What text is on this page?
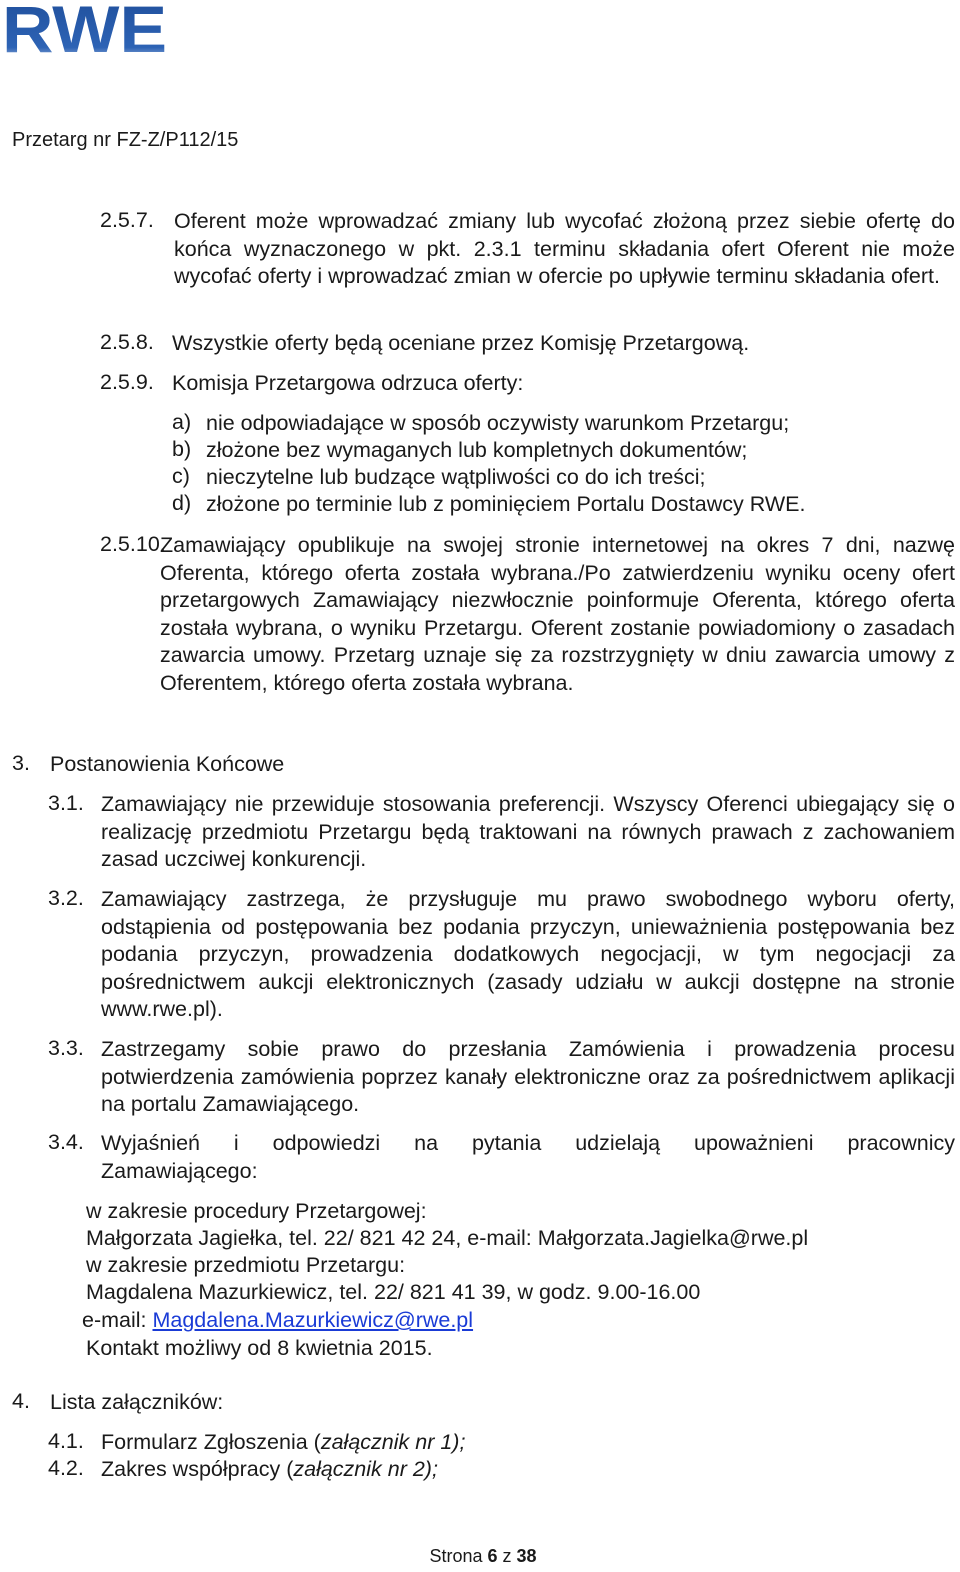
RWE
Przetarg nr FZ-Z/P112/15
2.5.7. Oferent może wprowadzać zmiany lub wycofać złożoną przez siebie ofertę do końca wyznaczonego w pkt. 2.3.1 terminu składania ofert Oferent nie może wycofać oferty i wprowadzać zmian w ofercie po upływie terminu składania ofert.
2.5.8. Wszystkie oferty będą oceniane przez Komisję Przetargową.
2.5.9. Komisja Przetargowa odrzuca oferty:
a) nie odpowiadające w sposób oczywisty warunkom Przetargu;
b) złożone bez wymaganych lub kompletnych dokumentów;
c) nieczytelne lub budzące wątpliwości co do ich treści;
d) złożone po terminie lub z pominięciem Portalu Dostawcy RWE.
2.5.10.
Zamawiający opublikuje na swojej stronie internetowej na okres 7 dni, nazwę Oferenta, którego oferta została wybrana./Po zatwierdzeniu wyniku oceny ofert przetargowych Zamawiający niezwłocznie poinformuje Oferenta, którego oferta została wybrana, o wyniku Przetargu. Oferent zostanie powiadomiony o zasadach zawarcia umowy. Przetarg uznaje się za rozstrzygnięty w dniu zawarcia umowy z Oferentem, którego oferta została wybrana.
3. Postanowienia Końcowe
3.1. Zamawiający nie przewiduje stosowania preferencji. Wszyscy Oferenci ubiegający się o realizację przedmiotu Przetargu będą traktowani na równych prawach z zachowaniem zasad uczciwej konkurencji.
3.2. Zamawiający zastrzega, że przysługuje mu prawo swobodnego wyboru oferty, odstąpienia od postępowania bez podania przyczyn, unieważnienia postępowania bez podania przyczyn, prowadzenia dodatkowych negocjacji, w tym negocjacji za pośrednictwem aukcji elektronicznych (zasady udziału w aukcji dostępne na stronie www.rwe.pl).
3.3. Zastrzegamy sobie prawo do przesłania Zamówienia i prowadzenia procesu potwierdzenia zamówienia poprzez kanały elektroniczne oraz za pośrednictwem aplikacji na portalu Zamawiającego.
3.4. Wyjaśnień i odpowiedzi na pytania udzielają upoważnieni pracownicy Zamawiającego:
w zakresie procedury Przetargowej:
Małgorzata Jagiełka, tel. 22/ 821 42 24, e-mail: Małgorzata.Jagielka@rwe.pl
w zakresie przedmiotu Przetargu:
Magdalena Mazurkiewicz, tel. 22/ 821 41 39, w godz. 9.00-16.00
e-mail: Magdalena.Mazurkiewicz@rwe.pl
Kontakt możliwy od 8 kwietnia 2015.
4. Lista załączników:
4.1. Formularz Zgłoszenia (załącznik nr 1);
4.2. Zakres współpracy (załącznik nr 2);
Strona 6 z 38
